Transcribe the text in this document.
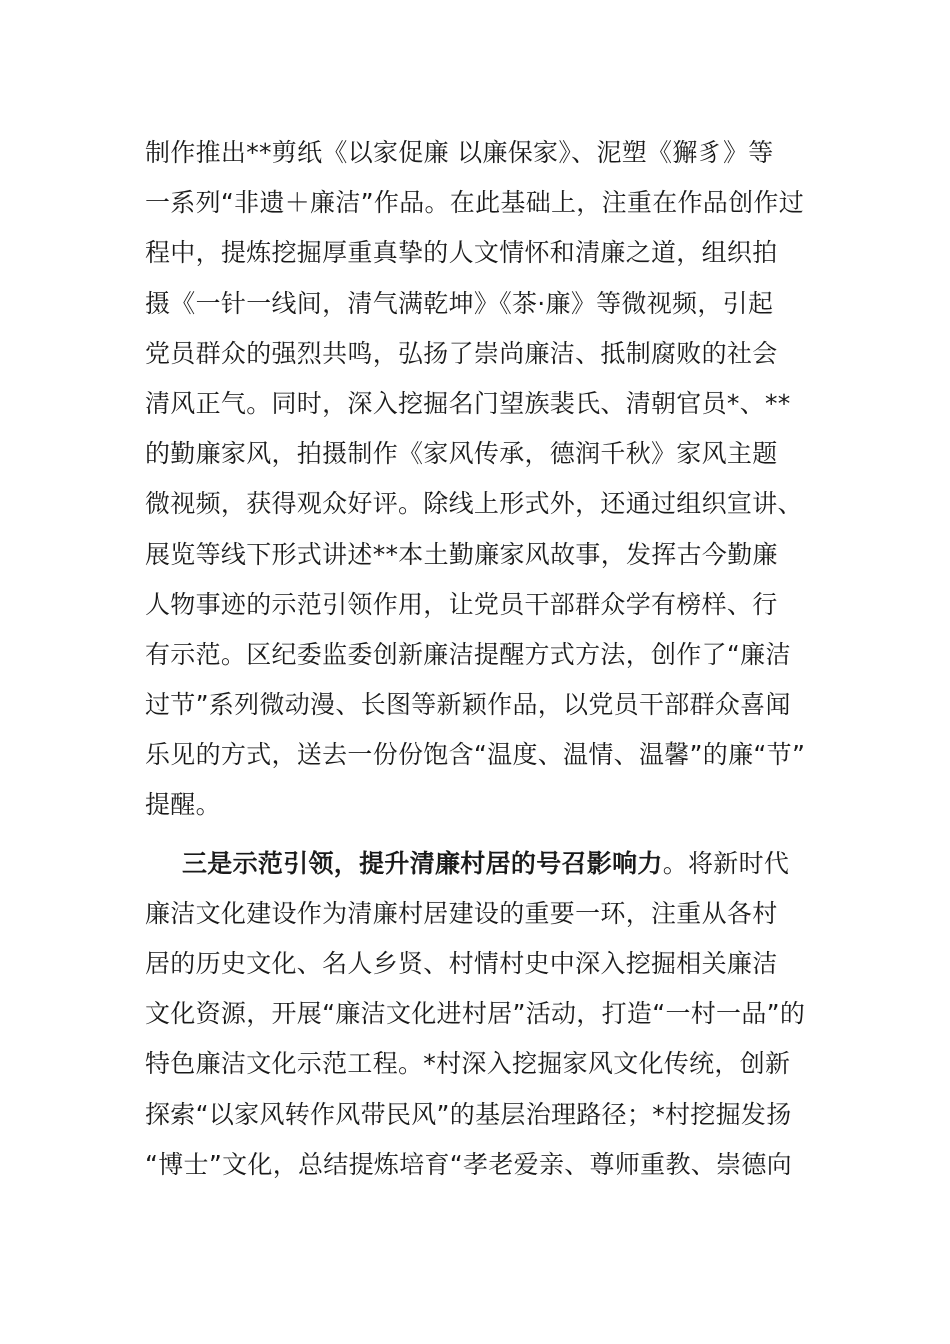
制作推出**剪纸《以家促廉 以廉保家》、泥塑《獬豸》等
一系列“非遗＋廉洁”作品。在此基础上，注重在作品创作过
程中，提炼挖掘厚重真挚的人文情怀和清廉之道，组织拍
摄《一针一线间，清气满乾坤》《茶·廉》等微视频，引起
党员群众的强烈共鸣，弘扬了崇尚廉洁、抵制腐败的社会
清风正气。同时，深入挖掘名门望族裴氏、清朝官员*、**
的勤廉家风，拍摄制作《家风传承，德润千秋》家风主题
微视频，获得观众好评。除线上形式外，还通过组织宣讲、
展览等线下形式讲述**本土勤廉家风故事，发挥古今勤廉
人物事迹的示范引领作用，让党员干部群众学有榜样、行
有示范。区纪委监委创新廉洁提醒方式方法，创作了“廉洁
过节”系列微动漫、长图等新颖作品，以党员干部群众喜闻
乐见的方式，送去一份份饱含“温度、温情、温馨”的廉“节”
提醒。
三是示范引领，提升清廉村居的号召影响力。将新时代
廉洁文化建设作为清廉村居建设的重要一环，注重从各村
居的历史文化、名人乡贤、村情村史中深入挖掘相关廉洁
文化资源，开展“廉洁文化进村居”活动，打造“一村一品”的
特色廉洁文化示范工程。*村深入挖掘家风文化传统，创新
探索“以家风转作风带民风”的基层治理路径；*村挖掘发扬
“博士”文化，总结提炼培育“孝老爱亲、尊师重教、崇德向
